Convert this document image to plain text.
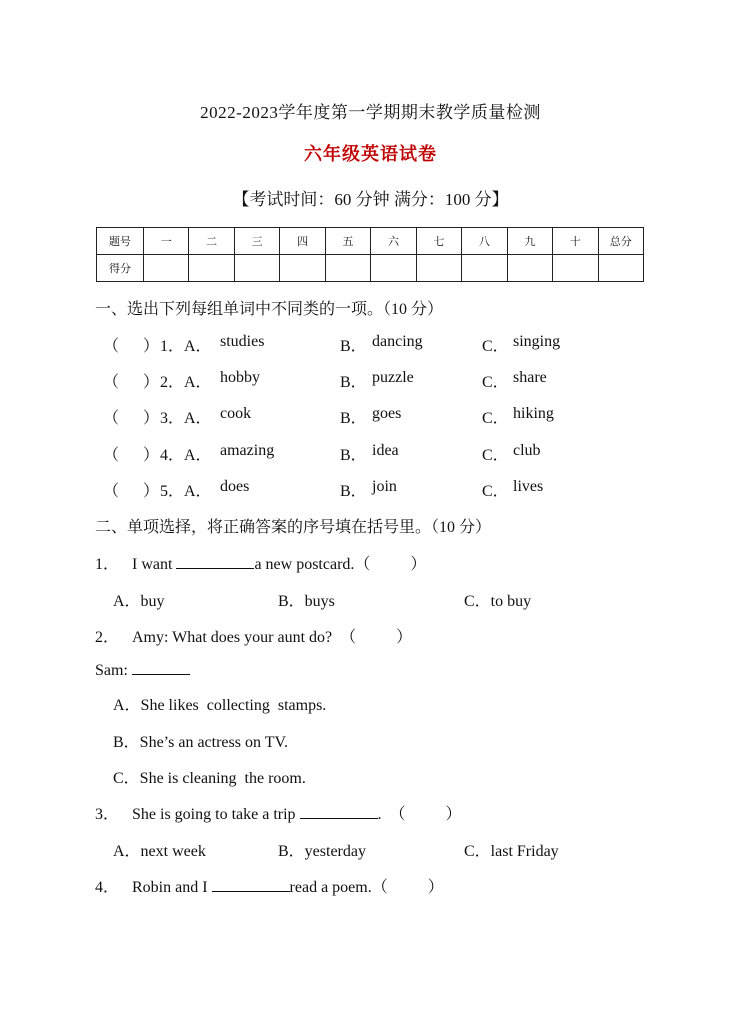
2022-2023学年度第一学期期末教学质量检测
六年级英语试卷
【考试时间：60 分钟 满分：100 分】
题号	一	二	三	四	五	六	七	八	九	十	总分
得分											
一、选出下列每组单词中不同类的一项。（10 分）
（      ） 1．A． studies	B． dancing	C． singing
（      ） 2．A． hobby	B． puzzle	C． share
（      ） 3．A． cook	B． goes	C． hiking
（      ） 4．A． amazing	B． idea	C． club
（      ） 5．A． does	B． join	C． lives
二、单项选择，将正确答案的序号填在括号里。（10 分）
1． I want	a new postcard.（          ）
A．buy	B．buys	C．to buy
2． Amy: What does your aunt do?  （          ）
Sam:
A．She likes  collecting  stamps.
B．She’s an actress on TV.
C．She is cleaning  the room.
3． She is going to take a trip	.  （          ）
A．next week	B．yesterday	C．last Friday
4． Robin and I	read a poem.（          ）
